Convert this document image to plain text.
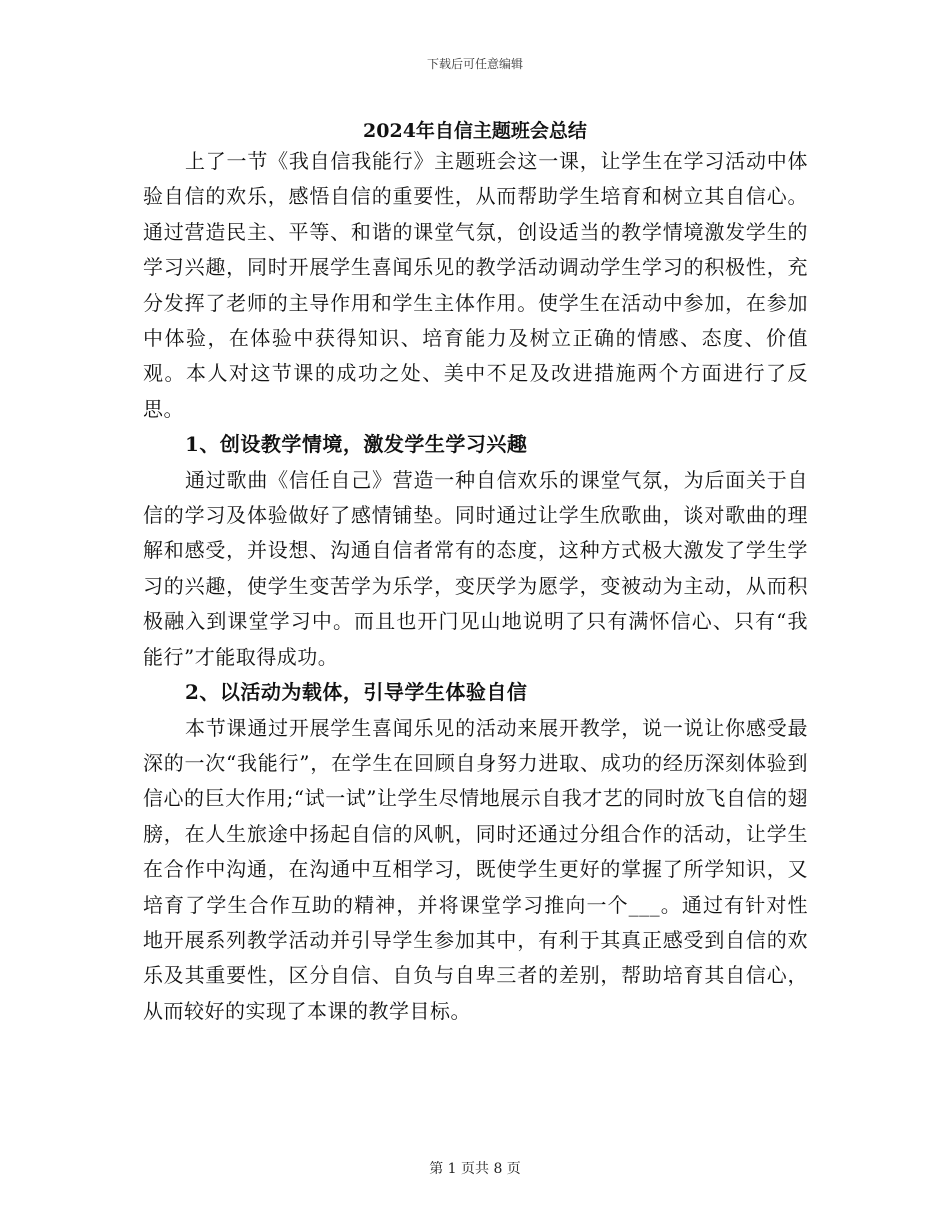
下载后可任意编辑
2024年自信主题班会总结

上了一节《我自信我能行》主题班会这一课，让学生在学习活动中体验自信的欢乐，感悟自信的重要性，从而帮助学生培育和树立其自信心。通过营造民主、平等、和谐的课堂气氛，创设适当的教学情境激发学生的学习兴趣，同时开展学生喜闻乐见的教学活动调动学生学习的积极性，充分发挥了老师的主导作用和学生主体作用。使学生在活动中参加，在参加中体验，在体验中获得知识、培育能力及树立正确的情感、态度、价值观。本人对这节课的成功之处、美中不足及改进措施两个方面进行了反思。

1、创设教学情境，激发学生学习兴趣

通过歌曲《信任自己》营造一种自信欢乐的课堂气氛，为后面关于自信的学习及体验做好了感情铺垫。同时通过让学生欣歌曲，谈对歌曲的理解和感受，并设想、沟通自信者常有的态度，这种方式极大激发了学生学习的兴趣，使学生变苦学为乐学，变厌学为愿学，变被动为主动，从而积极融入到课堂学习中。而且也开门见山地说明了只有满怀信心、只有“我能行”才能取得成功。

2、以活动为载体，引导学生体验自信

本节课通过开展学生喜闻乐见的活动来展开教学，说一说让你感受最深的一次“我能行”，在学生在回顾自身努力进取、成功的经历深刻体验到信心的巨大作用;“试一试”让学生尽情地展示自我才艺的同时放飞自信的翅膀，在人生旅途中扬起自信的风帆，同时还通过分组合作的活动，让学生在合作中沟通，在沟通中互相学习，既使学生更好的掌握了所学知识，又培育了学生合作互助的精神，并将课堂学习推向一个___。通过有针对性地开展系列教学活动并引导学生参加其中，有利于其真正感受到自信的欢乐及其重要性，区分自信、自负与自卑三者的差别，帮助培育其自信心，从而较好的实现了本课的教学目标。

第 1 页共 8 页
